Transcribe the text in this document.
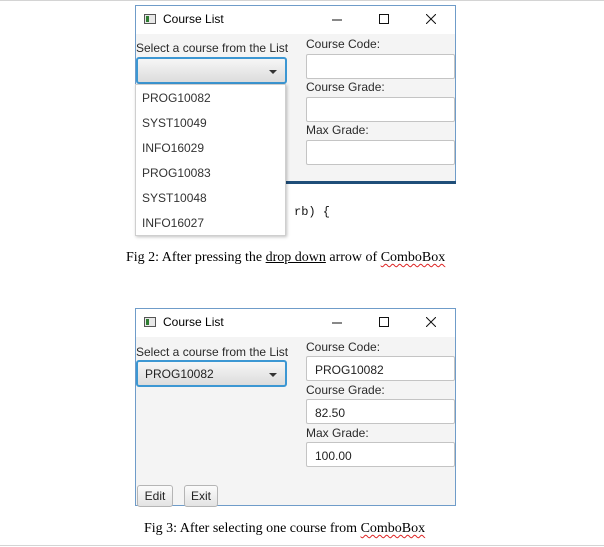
Course List
Select a course from the List Course Code:
Course Grade:
Max Grade:
rb) {
PROG10082
SYST10049
INFO16029
PROG10083
SYST10048
INFO16027
Fig 2: After pressing the drop down arrow of ComboBox
Course List
Select a course from the List
PROG10082
Course Code:
PROG10082
Course Grade:
82.50
Max Grade:
100.00
Edit	Exit
Fig 3: After selecting one course from ComboBox
